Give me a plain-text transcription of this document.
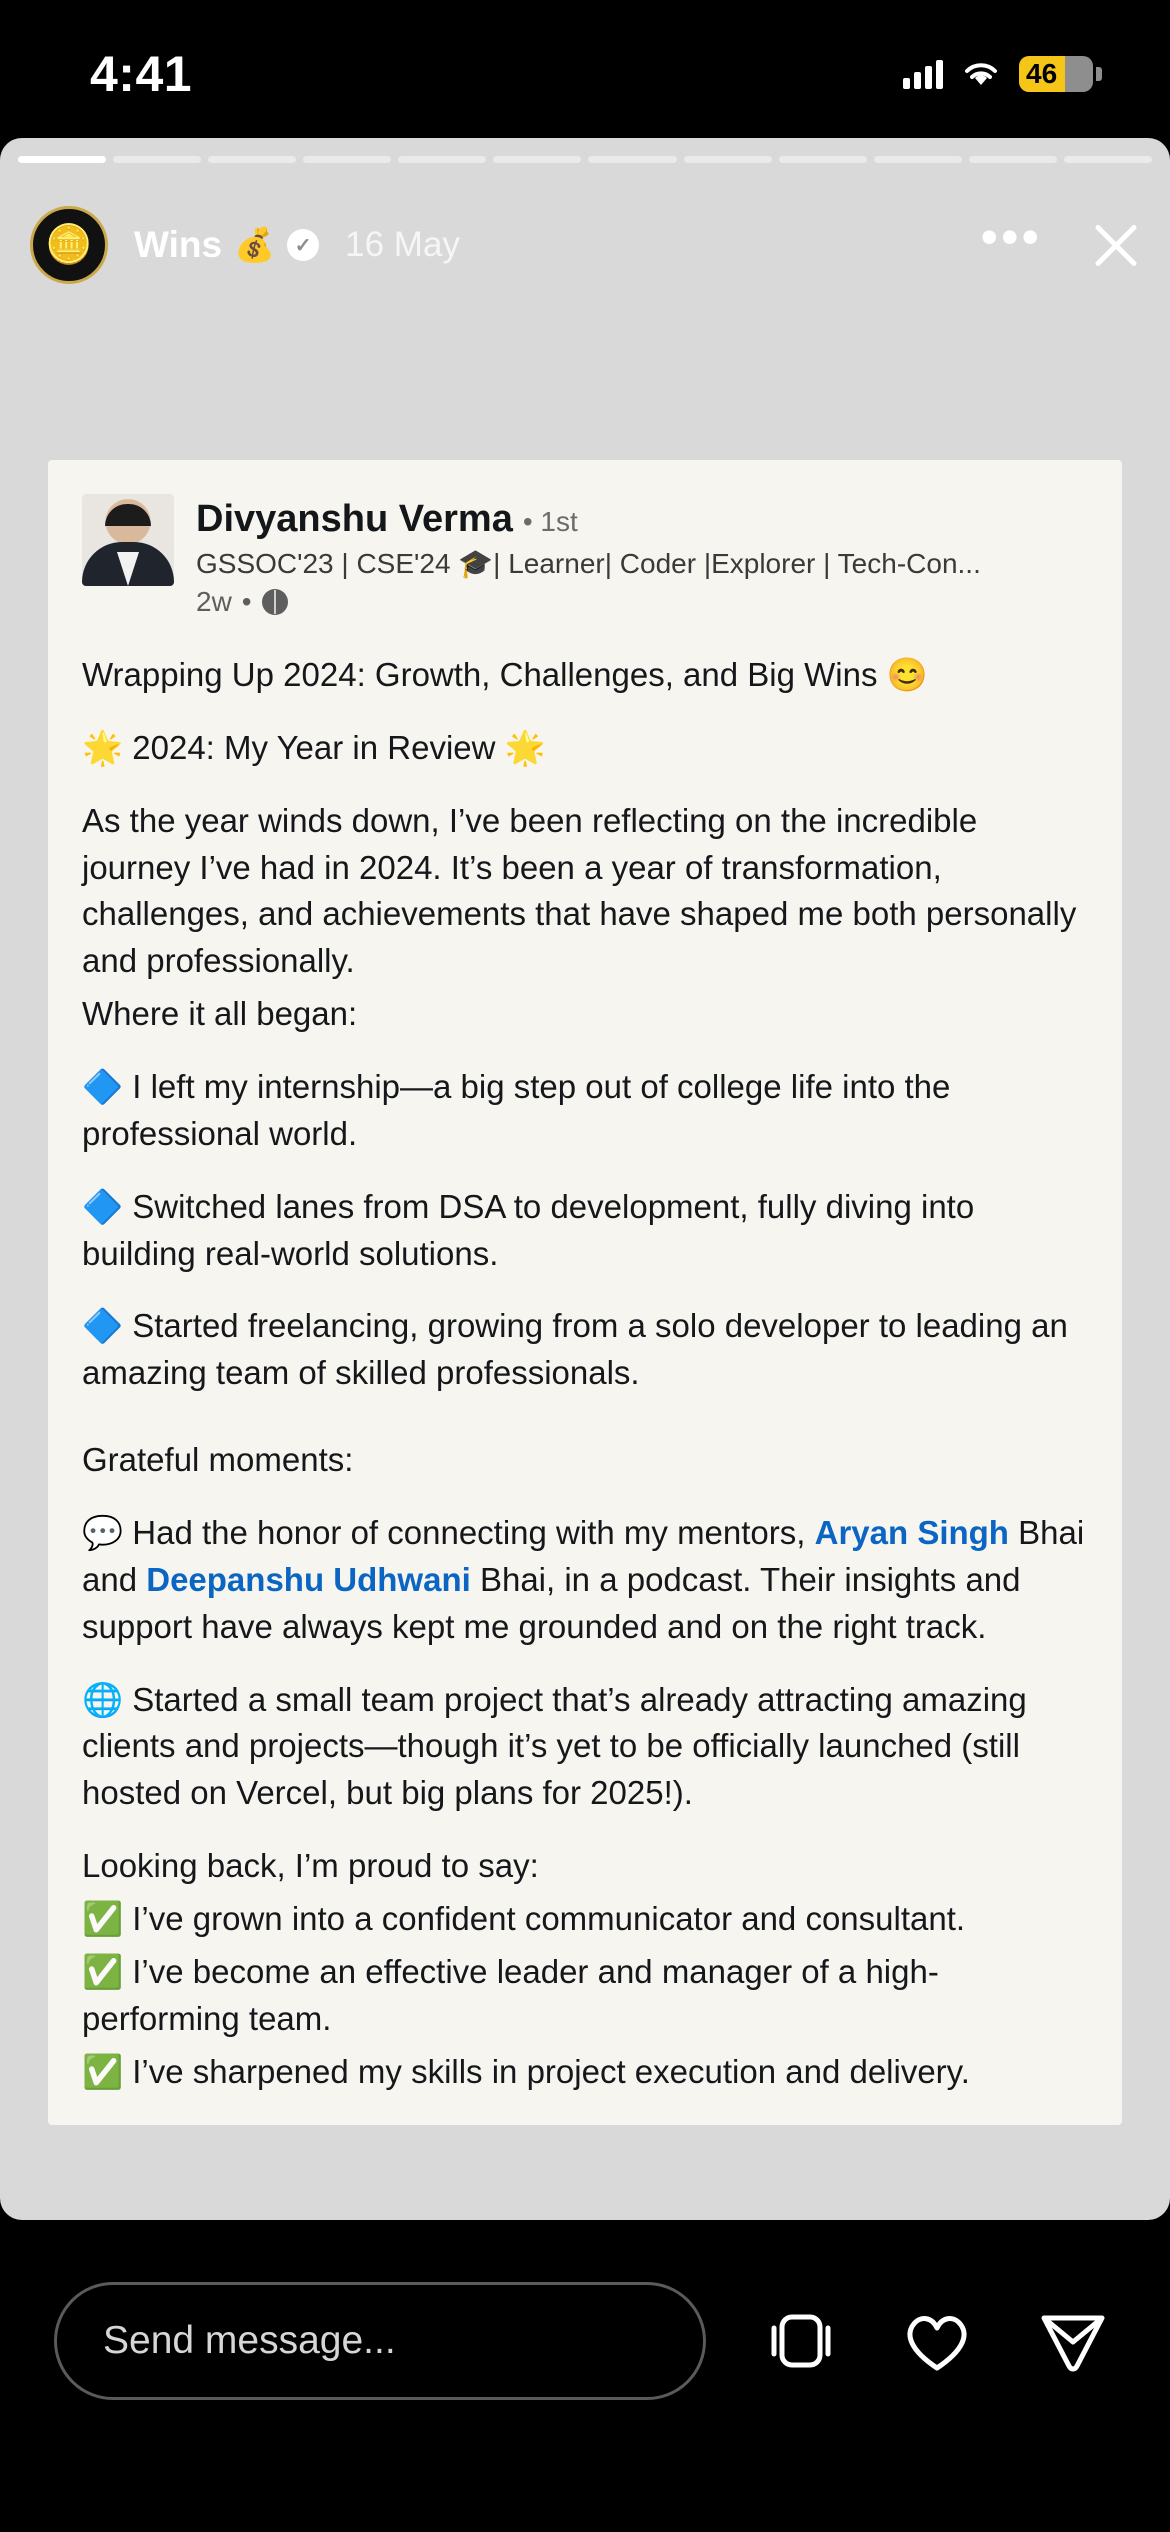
4:41	46
🪙 Wins 💰 ✓ 16 May	•••
Divyanshu Verma • 1st
GSSOC'23 | CSE'24 🎓| Learner| Coder |Explorer | Tech-Con...
2w •

Wrapping Up 2024: Growth, Challenges, and Big Wins 😊

🌟 2024: My Year in Review 🌟

As the year winds down, I’ve been reflecting on the incredible journey I’ve had in 2024. It’s been a year of transformation, challenges, and achievements that have shaped me both personally and professionally.

Where it all began:

🔷 I left my internship—a big step out of college life into the professional world.

🔷 Switched lanes from DSA to development, fully diving into building real-world solutions.

🔷 Started freelancing, growing from a solo developer to leading an amazing team of skilled professionals.

Grateful moments:

💬 Had the honor of connecting with my mentors, Aryan Singh Bhai and Deepanshu Udhwani Bhai, in a podcast. Their insights and support have always kept me grounded and on the right track.

🌐 Started a small team project that’s already attracting amazing clients and projects—though it’s yet to be officially launched (still hosted on Vercel, but big plans for 2025!).

Looking back, I’m proud to say:

✅ I’ve grown into a confident communicator and consultant.

✅ I’ve become an effective leader and manager of a high-performing team.

✅ I’ve sharpened my skills in project execution and delivery.

Send message...
